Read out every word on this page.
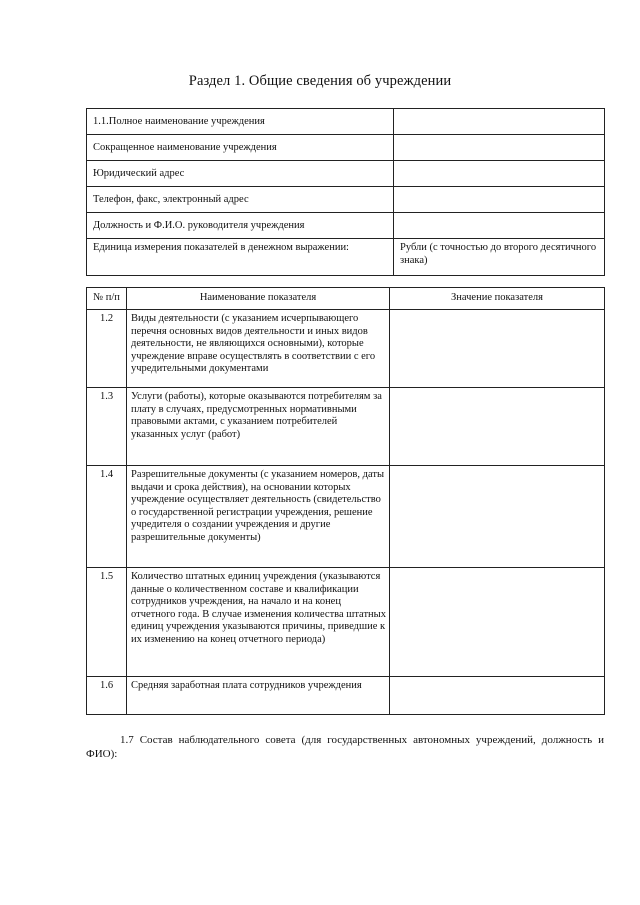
Раздел 1. Общие сведения об учреждении
1.1.Полное наименование учреждения	
Сокращенное наименование учреждения	
Юридический адрес	
Телефон, факс, электронный адрес	
Должность и Ф.И.О. руководителя учреждения	
Единица измерения показателей в денежном выражении:	Рубли (с точностью до второго десятичного знака)
№ п/п	Наименование показателя	Значение показателя
1.2	Виды деятельности (с указанием исчерпывающего перечня основных видов деятельности и иных видов деятельности, не являющихся основными), которые учреждение вправе осуществлять в соответствии с его учредительными документами	
1.3	Услуги (работы), которые оказываются потребителям за плату в случаях, предусмотренных нормативными правовыми актами, с указанием потребителей указанных услуг (работ)	
1.4	Разрешительные документы (с указанием номеров, даты выдачи и срока действия), на основании которых учреждение осуществляет деятельность (свидетельство о государственной регистрации учреждения, решение учредителя о создании учреждения и другие разрешительные документы)	
1.5	Количество штатных единиц учреждения (указываются данные о количественном составе и квалификации сотрудников учреждения, на начало и на конец отчетного года. В случае изменения количества штатных единиц учреждения указываются причины, приведшие к их изменению на конец отчетного периода)	
1.6	Средняя заработная плата сотрудников учреждения	
1.7 Состав наблюдательного совета (для государственных автономных учреждений, должность и ФИО):
